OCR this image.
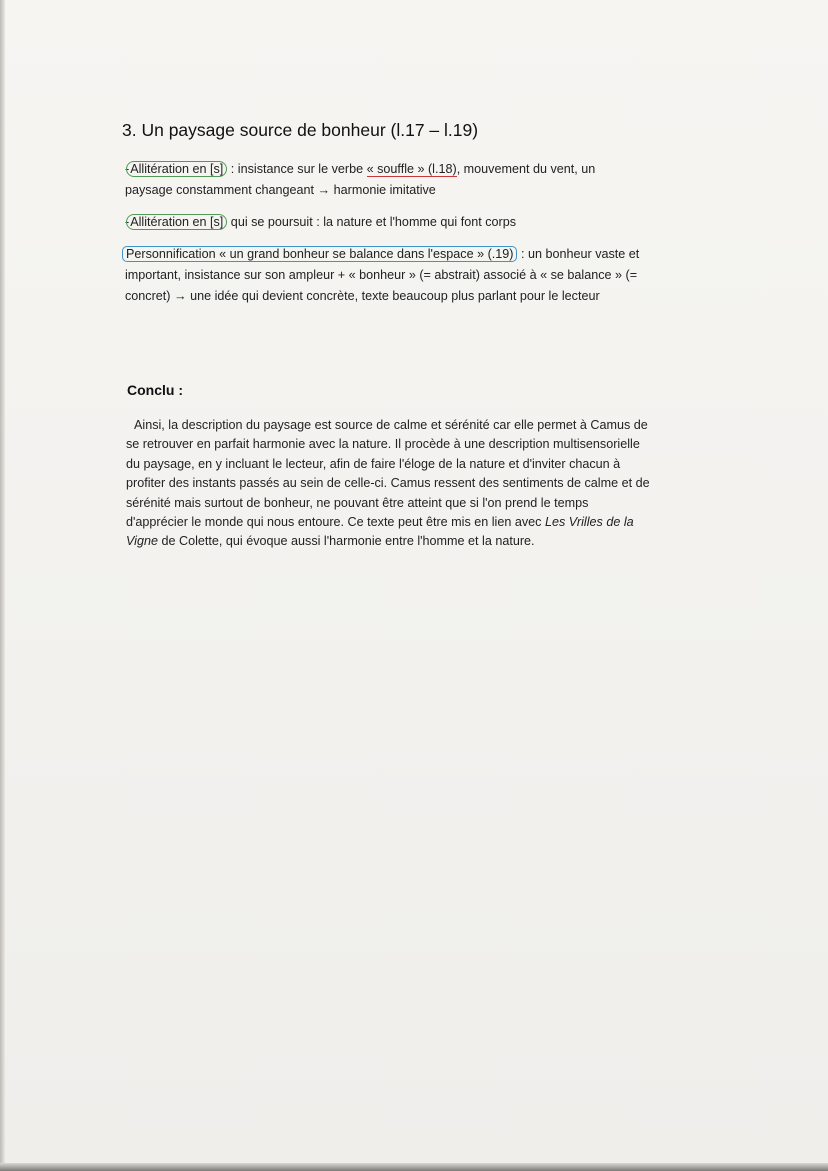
3. Un paysage source de bonheur (l.17 – l.19)
-Allitération en [s] : insistance sur le verbe « souffle » (l.18), mouvement du vent, un
paysage constamment changeant → harmonie imitative
-Allitération en [s] qui se poursuit : la nature et l'homme qui font corps
Personnification « un grand bonheur se balance dans l'espace » (.19) : un bonheur vaste et
important, insistance sur son ampleur + « bonheur » (= abstrait) associé à « se balance » (=
concret) → une idée qui devient concrète, texte beaucoup plus parlant pour le lecteur
Conclu :
Ainsi, la description du paysage est source de calme et sérénité car elle permet à Camus de
se retrouver en parfait harmonie avec la nature. Il procède à une description multisensorielle
du paysage, en y incluant le lecteur, afin de faire l'éloge de la nature et d'inviter chacun à
profiter des instants passés au sein de celle-ci. Camus ressent des sentiments de calme et de
sérénité mais surtout de bonheur, ne pouvant être atteint que si l'on prend le temps
d'apprécier le monde qui nous entoure. Ce texte peut être mis en lien avec Les Vrilles de la
Vigne de Colette, qui évoque aussi l'harmonie entre l'homme et la nature.
